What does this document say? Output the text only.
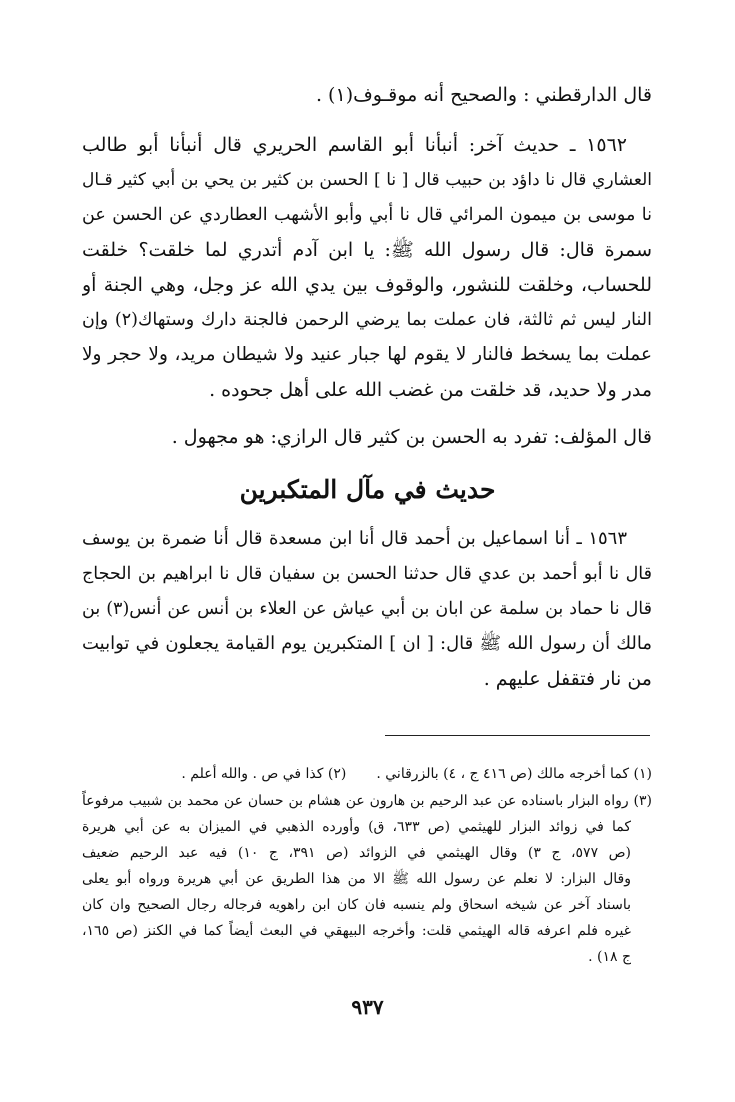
قال الدارقطني : والصحيح أنه موقـوف(١) .
١٥٦٢ ـ حديث آخر: أنبأنا أبو القاسم الحريري قال أنبأنا أبو طالب
العشاري قال نا داؤد بن حبيب قال [ نا ] الحسن بن كثير بن يحي بن أبي كثير قـال
نا موسى بن ميمون المرائي قال نا أبي وأبو الأشهب العطاردي عن الحسن عن
سمرة قال: قال رسول الله ﷺ: يا ابن آدم أتدري لما خلقت؟ خلقت
للحساب، وخلقت للنشور، والوقوف بين يدي الله عز وجل، وهي الجنة أو
النار ليس ثم ثالثة، فان عملت بما يرضي الرحمن فالجنة دارك وستهاك(٢) وإن
عملت بما يسخط فالنار لا يقوم لها جبار عنيد ولا شيطان مريد، ولا حجر ولا
مدر ولا حديد، قد خلقت من غضب الله على أهل جحوده .
قال المؤلف: تفرد به الحسن بن كثير قال الرازي: هو مجهول .
حديث في مآل المتكبرين
١٥٦٣ ـ أنا اسماعيل بن أحمد قال أنا ابن مسعدة قال أنا ضمرة بن يوسف
قال نا أبو أحمد بن عدي قال حدثنا الحسن بن سفيان قال نا ابراهيم بن الحجاج
قال نا حماد بن سلمة عن ابان بن أبي عياش عن العلاء بن أنس عن أنس(٣) بن
مالك أن رسول الله ﷺ قال: [ ان ] المتكبرين يوم القيامة يجعلون في توابيت
من نار فتقفل عليهم .
(١) كما أخرجه مالك (ص ٤١٦ ج ، ٤) بالزرقاني .(٢) كذا في ص . والله أعلم .
(٣) رواه البزار باسناده عن عبد الرحيم بن هارون عن هشام بن حسان عن محمد بن شبيب مرفوعاً
كما في زوائد البزار للهيثمي (ص ٦٣٣، ق) وأورده الذهبي في الميزان به عن أبي هريرة
(ص ٥٧٧، ج ٣) وقال الهيثمي في الزوائد (ص ٣٩١، ج ١٠) فيه عبد الرحيم ضعيف
وقال البزار: لا نعلم عن رسول الله ﷺ الا من هذا الطريق عن أبي هريرة ورواه أبو يعلى
باسناد آخر عن شيخه اسحاق ولم ينسبه فان كان ابن راهويه فرجاله رجال الصحيح وان كان
غيره فلم اعرفه قاله الهيثمي قلت: وأخرجه البيهقي في البعث أيضاً كما في الكنز (ص ١٦٥،
ج ١٨) .
٩٣٧
